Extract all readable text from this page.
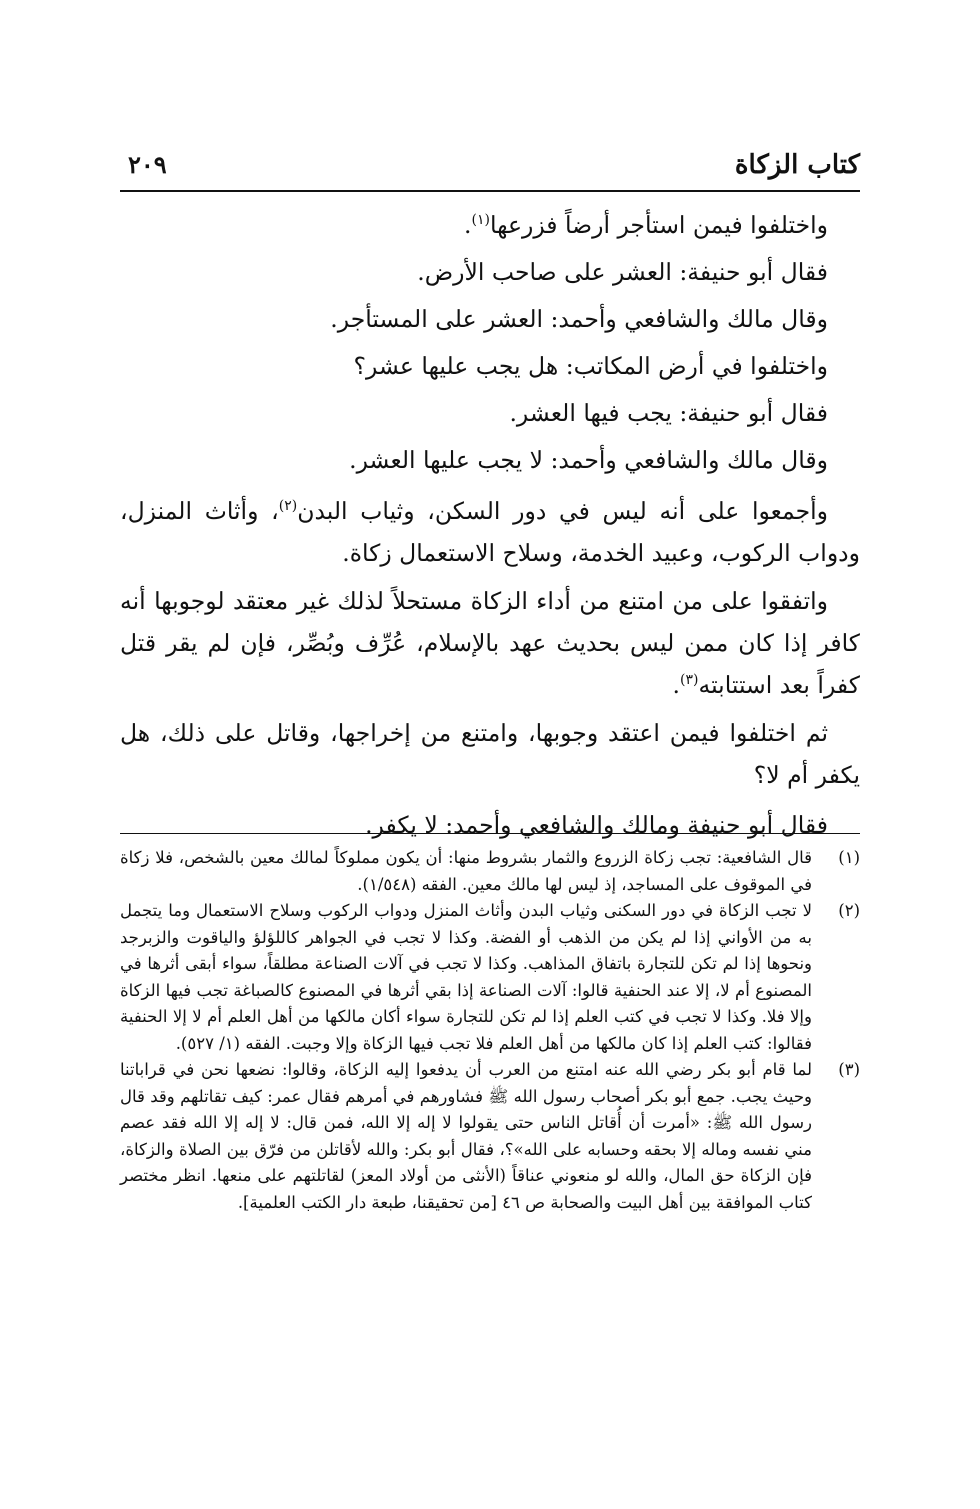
كتاب الزكاة
٢٠٩

واختلفوا فيمن استأجر أرضاً فزرعها$^{(١)}$.

فقال أبو حنيفة: العشر على صاحب الأرض.

وقال مالك والشافعي وأحمد: العشر على المستأجر.

واختلفوا في أرض المكاتب: هل يجب عليها عشر؟

فقال أبو حنيفة: يجب فيها العشر.

وقال مالك والشافعي وأحمد: لا يجب عليها العشر.

وأجمعوا على أنه ليس في دور السكن، وثياب البدن$^{(٢)}$، وأثاث المنزل، ودواب الركوب، وعبيد الخدمة، وسلاح الاستعمال زكاة.

واتفقوا على من امتنع من أداء الزكاة مستحلاً لذلك غير معتقد لوجوبها أنه كافر إذا كان ممن ليس بحديث عهد بالإسلام، عُرِّف وبُصِّر، فإن لم يقر قتل كفراً بعد استتابته$^{(٣)}$.

ثم اختلفوا فيمن اعتقد وجوبها، وامتنع من إخراجها، وقاتل على ذلك، هل يكفر أم لا؟

فقال أبو حنيفة ومالك والشافعي وأحمد: لا يكفر.

(١)
قال الشافعية: تجب زكاة الزروع والثمار بشروط منها: أن يكون مملوكاً لمالك معين بالشخص، فلا زكاة في الموقوف على المساجد، إذ ليس لها مالك معين. الفقه (١/٥٤٨).
(٢)
لا تجب الزكاة في دور السكنى وثياب البدن وأثاث المنزل ودواب الركوب وسلاح الاستعمال وما يتجمل به من الأواني إذا لم يكن من الذهب أو الفضة. وكذا لا تجب في الجواهر كاللؤلؤ والياقوت والزبرجد ونحوها إذا لم تكن للتجارة باتفاق المذاهب. وكذا لا تجب في آلات الصناعة مطلقاً، سواء أبقى أثرها في المصنوع أم لا، إلا عند الحنفية قالوا: آلات الصناعة إذا بقي أثرها في المصنوع كالصباغة تجب فيها الزكاة وإلا فلا. وكذا لا تجب في كتب العلم إذا لم تكن للتجارة سواء أكان مالكها من أهل العلم أم لا إلا الحنفية فقالوا: كتب العلم إذا كان مالكها من أهل العلم فلا تجب فيها الزكاة وإلا وجبت. الفقه (١/ ٥٢٧).
(٣)
لما قام أبو بكر رضي الله عنه امتنع من العرب أن يدفعوا إليه الزكاة، وقالوا: نضعها نحن في قراباتنا وحيث يجب. جمع أبو بكر أصحاب رسول الله ﷺ فشاورهم في أمرهم فقال عمر: كيف تقاتلهم وقد قال رسول الله ﷺ: «أمرت أن أُقاتل الناس حتى يقولوا لا إله إلا الله، فمن قال: لا إله إلا الله فقد عصم مني نفسه وماله إلا بحقه وحسابه على الله»؟، فقال أبو بكر: والله لأقاتلن من فرّق بين الصلاة والزكاة، فإن الزكاة حق المال، والله لو منعوني عناقاً (الأنثى من أولاد المعز) لقاتلتهم على منعها. انظر مختصر كتاب الموافقة بين أهل البيت والصحابة ص ٤٦ [من تحقيقنا، طبعة دار الكتب العلمية].
